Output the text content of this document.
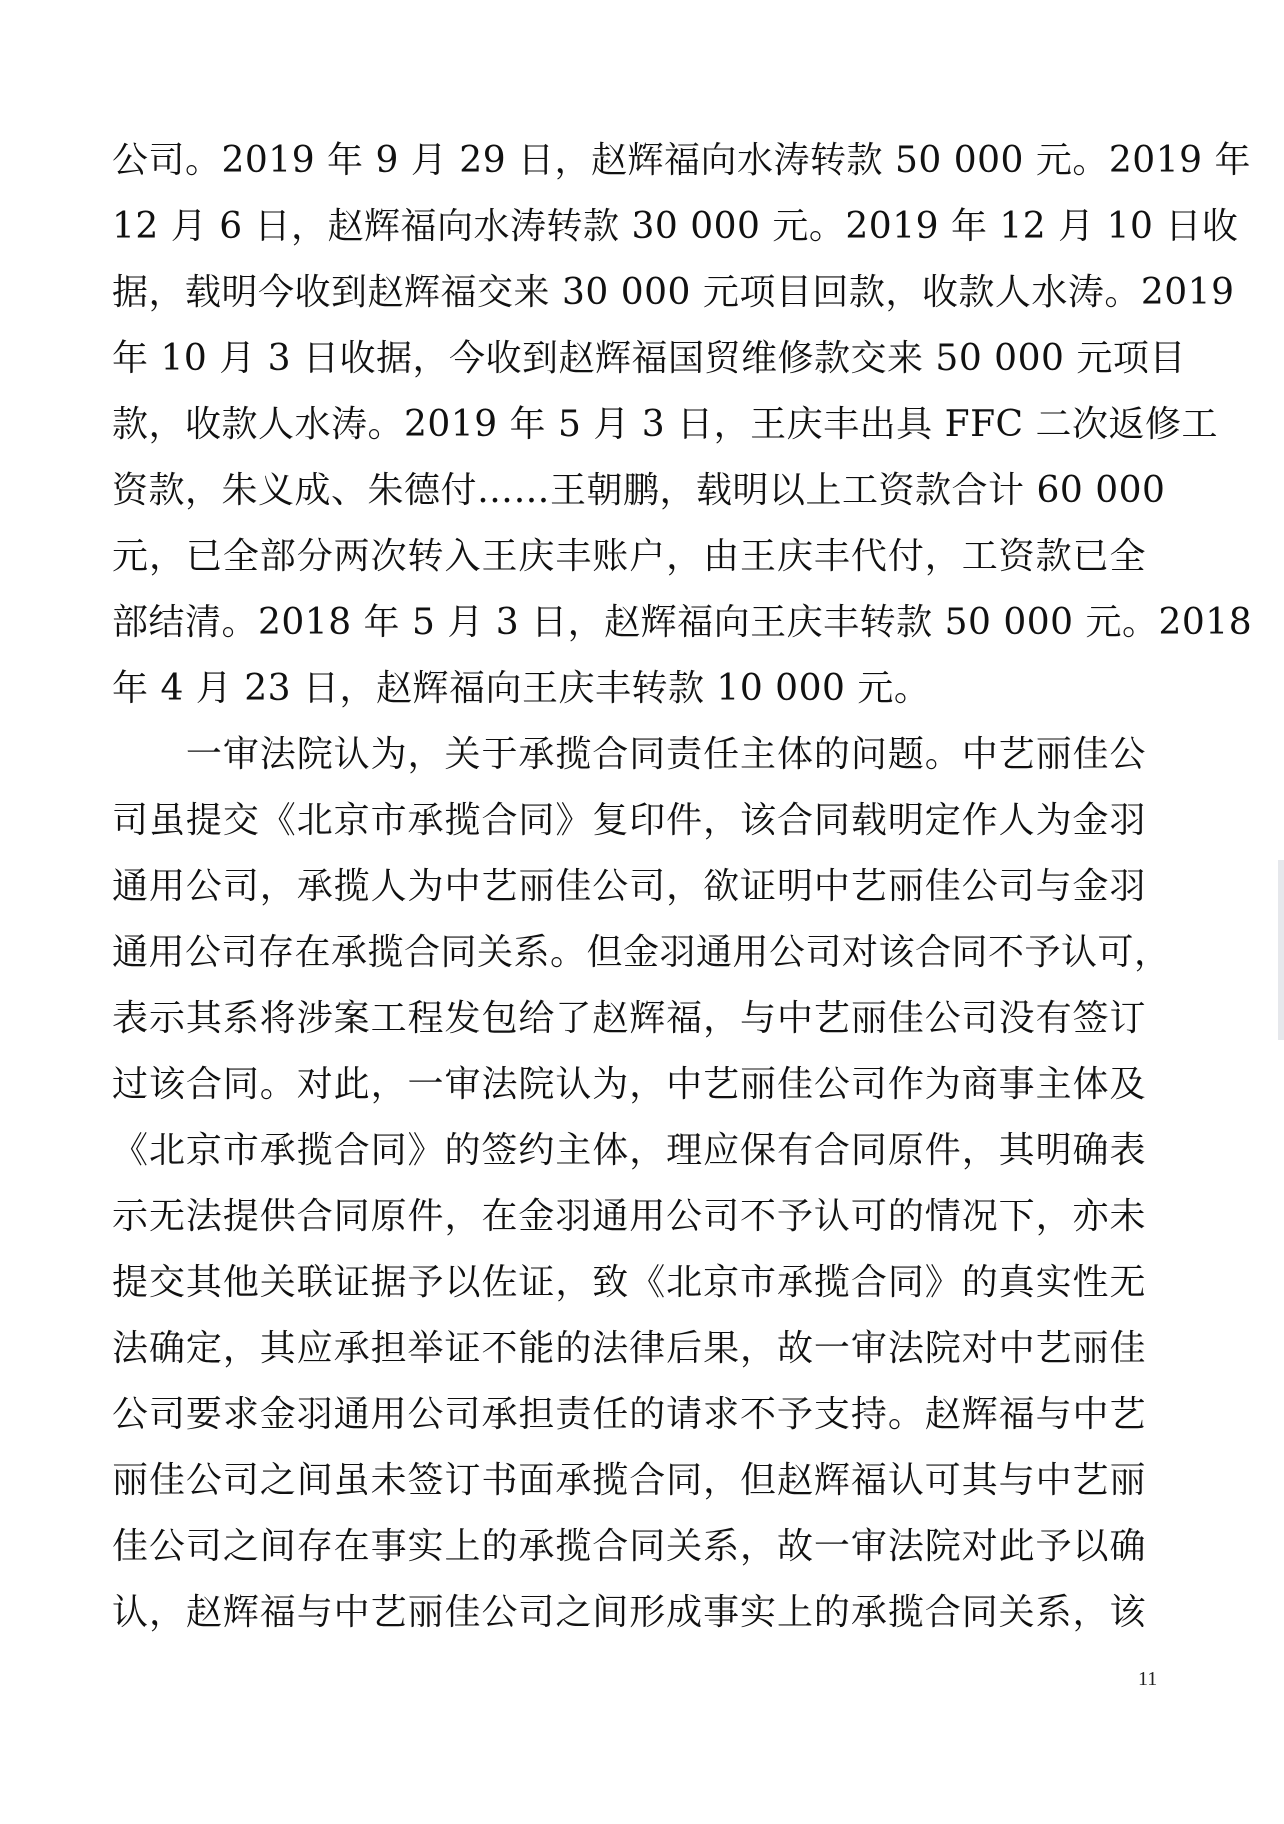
公司。2019 年 9 月 29 日，赵辉福向水涛转款 50 000 元。2019 年
12 月 6 日，赵辉福向水涛转款 30 000 元。2019 年 12 月 10 日收
据，载明今收到赵辉福交来 30 000 元项目回款，收款人水涛。2019
年 10 月 3 日收据，今收到赵辉福国贸维修款交来 50 000 元项目
款，收款人水涛。2019 年 5 月 3 日，王庆丰出具 FFC 二次返修工
资款，朱义成、朱德付……王朝鹏，载明以上工资款合计 60 000
元，已全部分两次转入王庆丰账户，由王庆丰代付，工资款已全
部结清。2018 年 5 月 3 日，赵辉福向王庆丰转款 50 000 元。2018
年 4 月 23 日，赵辉福向王庆丰转款 10 000 元。
　　一审法院认为，关于承揽合同责任主体的问题。中艺丽佳公
司虽提交《北京市承揽合同》复印件，该合同载明定作人为金羽
通用公司，承揽人为中艺丽佳公司，欲证明中艺丽佳公司与金羽
通用公司存在承揽合同关系。但金羽通用公司对该合同不予认可，
表示其系将涉案工程发包给了赵辉福，与中艺丽佳公司没有签订
过该合同。对此，一审法院认为，中艺丽佳公司作为商事主体及
《北京市承揽合同》的签约主体，理应保有合同原件，其明确表
示无法提供合同原件，在金羽通用公司不予认可的情况下，亦未
提交其他关联证据予以佐证，致《北京市承揽合同》的真实性无
法确定，其应承担举证不能的法律后果，故一审法院对中艺丽佳
公司要求金羽通用公司承担责任的请求不予支持。赵辉福与中艺
丽佳公司之间虽未签订书面承揽合同，但赵辉福认可其与中艺丽
佳公司之间存在事实上的承揽合同关系，故一审法院对此予以确
认，赵辉福与中艺丽佳公司之间形成事实上的承揽合同关系，该
11
